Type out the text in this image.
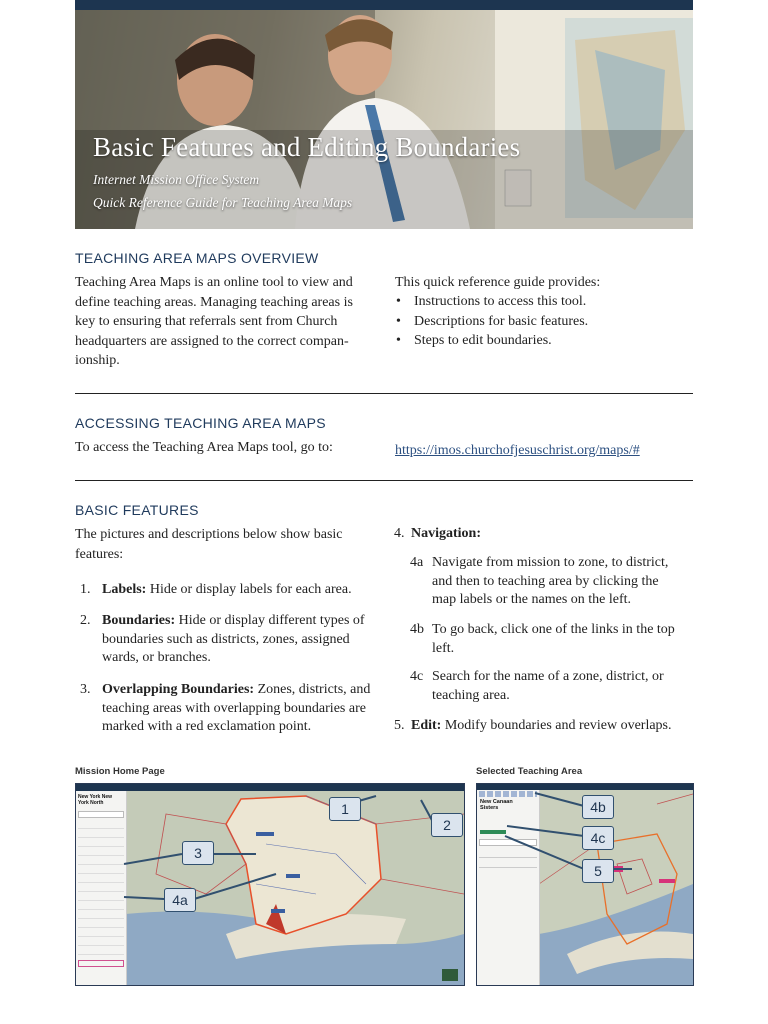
Basic Features and Editing Boundaries
Internet Mission Office System
Quick Reference Guide for Teaching Area Maps
TEACHING AREA MAPS OVERVIEW
Teaching Area Maps is an online tool to view and
define teaching areas. Managing teaching areas is
key to ensuring that referrals sent from Church
headquarters are assigned to the correct compan-
ionship.
This quick reference guide provides:
• Instructions to access this tool.
• Descriptions for basic features.
• Steps to edit boundaries.
ACCESSING TEACHING AREA MAPS
To access the Teaching Area Maps tool, go to:	https://imos.churchofjesuschrist.org/maps/#
BASIC FEATURES
The pictures and descriptions below show basic
features:
1. Labels: Hide or display labels for each area.
2. Boundaries: Hide or display different types of
boundaries such as districts, zones, assigned
wards, or branches.
3. Overlapping Boundaries: Zones, districts, and
teaching areas with overlapping boundaries are
marked with a red exclamation point.
4. Navigation:
4a Navigate from mission to zone, to district,
and then to teaching area by clicking the
map labels or the names on the left.
4b To go back, click one of the links in the top
left.
4c Search for the name of a zone, district, or
teaching area.
5. Edit: Modify boundaries and review overlaps.
Mission Home Page	Selected Teaching Area
New York New York North	1
2
3
4a
New Canaan Sisters	4b
4c
5
